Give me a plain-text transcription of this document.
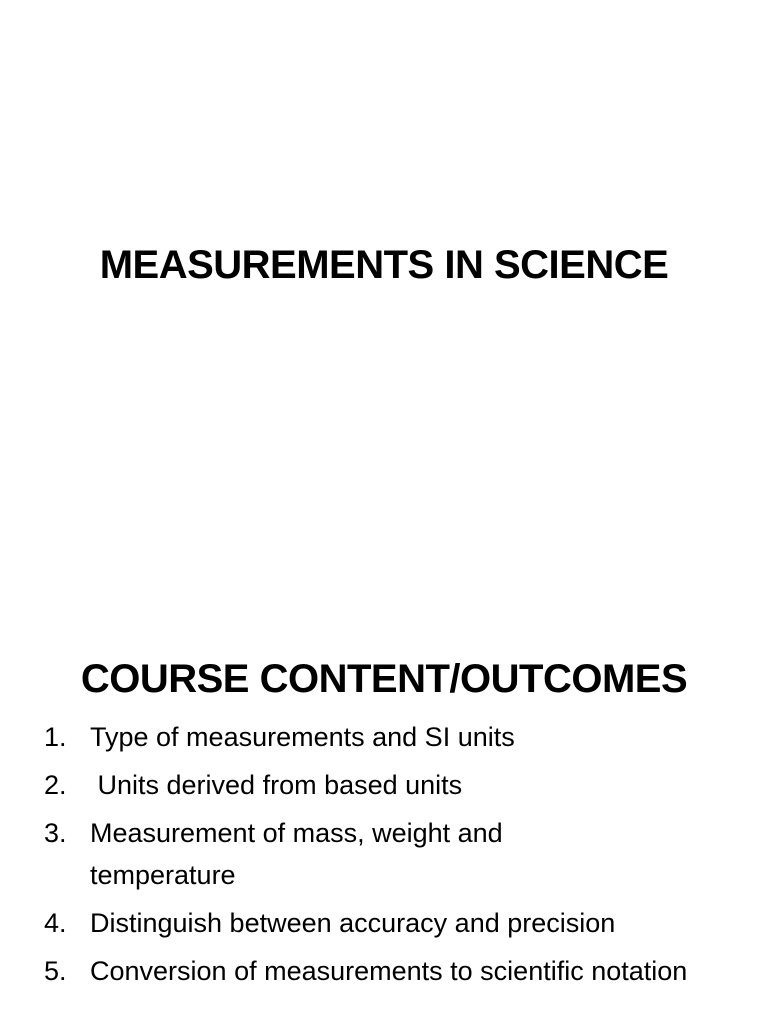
MEASUREMENTS IN SCIENCE
COURSE CONTENT/OUTCOMES
1. Type of measurements and SI units
2. Units derived from based units
3. Measurement of mass, weight and temperature
4. Distinguish between accuracy and precision
5. Conversion of measurements to scientific notation
